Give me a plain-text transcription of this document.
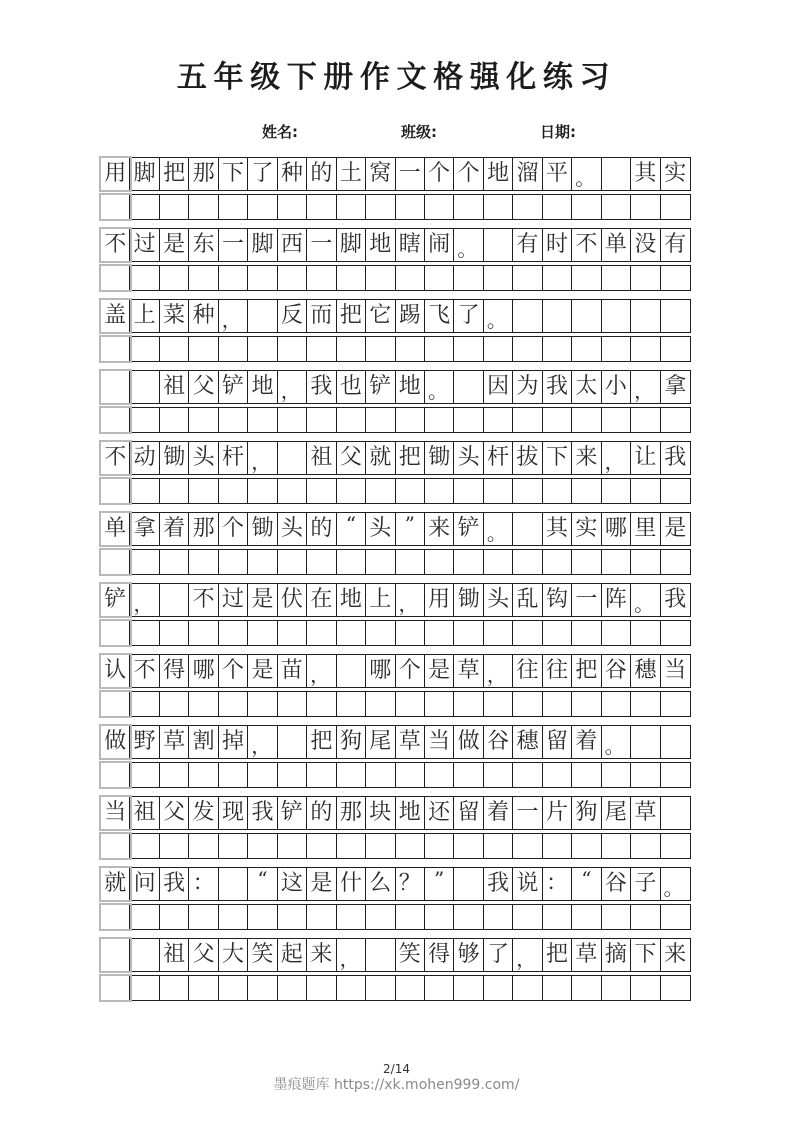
五年级下册作文格强化练习
姓名:	班级:	日期:
用 脚 把 那 下 了 种 的 土 窝 一 个 个 地 溜 平 。 其 实
不 过 是 东 一 脚 西 一 脚 地 瞎 闹 。 有 时 不 单 没 有
盖 上 菜 种 ， 反 而 把 它 踢 飞 了 。
祖 父 铲 地 ， 我 也 铲 地 。 因 为 我 太 小 ， 拿
不 动 锄 头 杆 ， 祖 父 就 把 锄 头 杆 拔 下 来 ， 让 我
单 拿 着 那 个 锄 头 的 “ 头 ” 来 铲 。 其 实 哪 里 是
铲 ， 不 过 是 伏 在 地 上 ， 用 锄 头 乱 钩 一 阵 。 我
认 不 得 哪 个 是 苗 ， 哪 个 是 草 ， 往 往 把 谷 穗 当
做 野 草 割 掉 ， 把 狗 尾 草 当 做 谷 穗 留 着 。
当 祖 父 发 现 我 铲 的 那 块 地 还 留 着 一 片 狗 尾 草
就 问 我 ：	“ 这 是 什 么 ？ ”	我 说 ： “ 谷 子 。
祖 父 大 笑 起 来 ， 笑 得 够 了 ， 把 草 摘 下 来
2/14
墨痕题库 https://xk.mohen999.com/
